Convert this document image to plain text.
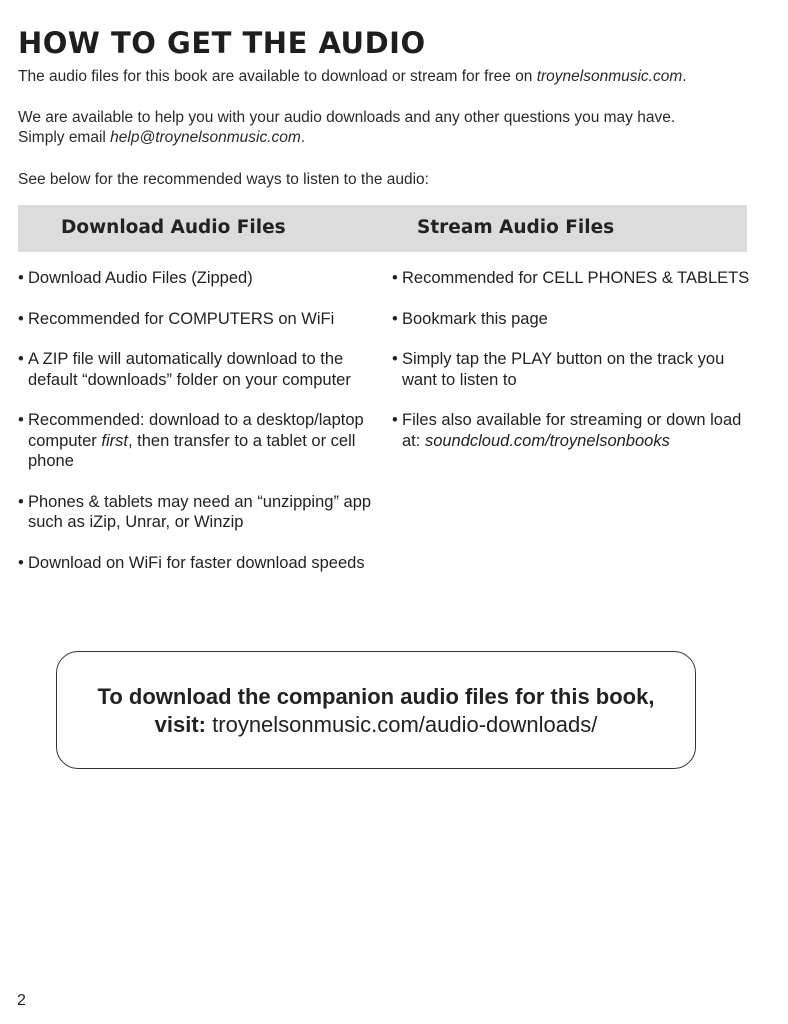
HOW TO GET THE AUDIO

The audio files for this book are available to download or stream for free on troynelsonmusic.com.

We are available to help you with your audio downloads and any other questions you may have.
Simply email help@troynelsonmusic.com.

See below for the recommended ways to listen to the audio:

Download Audio Files	Stream Audio Files
• Download Audio Files (Zipped)
• Recommended for COMPUTERS on WiFi
• A ZIP file will automatically download to the default “downloads” folder on your computer
• Recommended: download to a desktop/laptop computer first, then transfer to a tablet or cell phone
• Phones & tablets may need an “unzipping” app such as iZip, Unrar, or Winzip
• Download on WiFi for faster download speeds
• Recommended for CELL PHONES & TABLETS
• Bookmark this page
• Simply tap the PLAY button on the track you want to listen to
• Files also available for streaming or down load at: soundcloud.com/troynelsonbooks
To download the companion audio files for this book,
visit: troynelsonmusic.com/audio-downloads/
2
